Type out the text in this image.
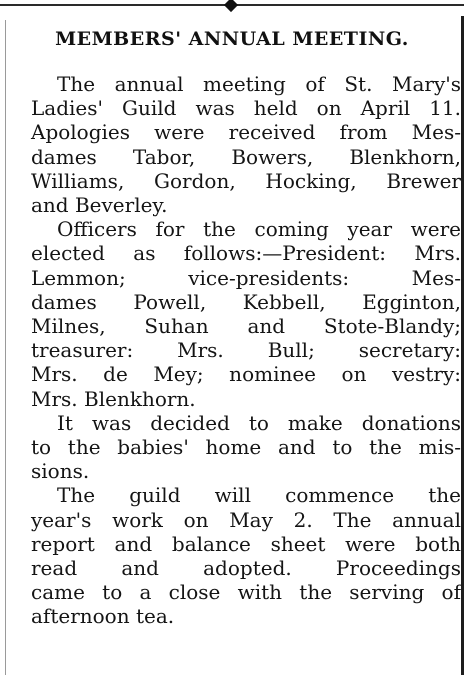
MEMBERS' ANNUAL MEETING.
The annual meeting of St. Mary's
Ladies' Guild was held on April 11.
Apologies were received from Mes-
dames Tabor, Bowers, Blenkhorn,
Williams, Gordon, Hocking, Brewer
and Beverley.
Officers for the coming year were
elected as follows:—President: Mrs.
Lemmon; vice-presidents: Mes-
dames Powell, Kebbell, Egginton,
Milnes, Suhan and Stote-Blandy;
treasurer: Mrs. Bull; secretary:
Mrs. de Mey; nominee on vestry:
Mrs. Blenkhorn.
It was decided to make donations
to the babies' home and to the mis-
sions.
The guild will commence the
year's work on May 2. The annual
report and balance sheet were both
read and adopted. Proceedings
came to a close with the serving of
afternoon tea.
